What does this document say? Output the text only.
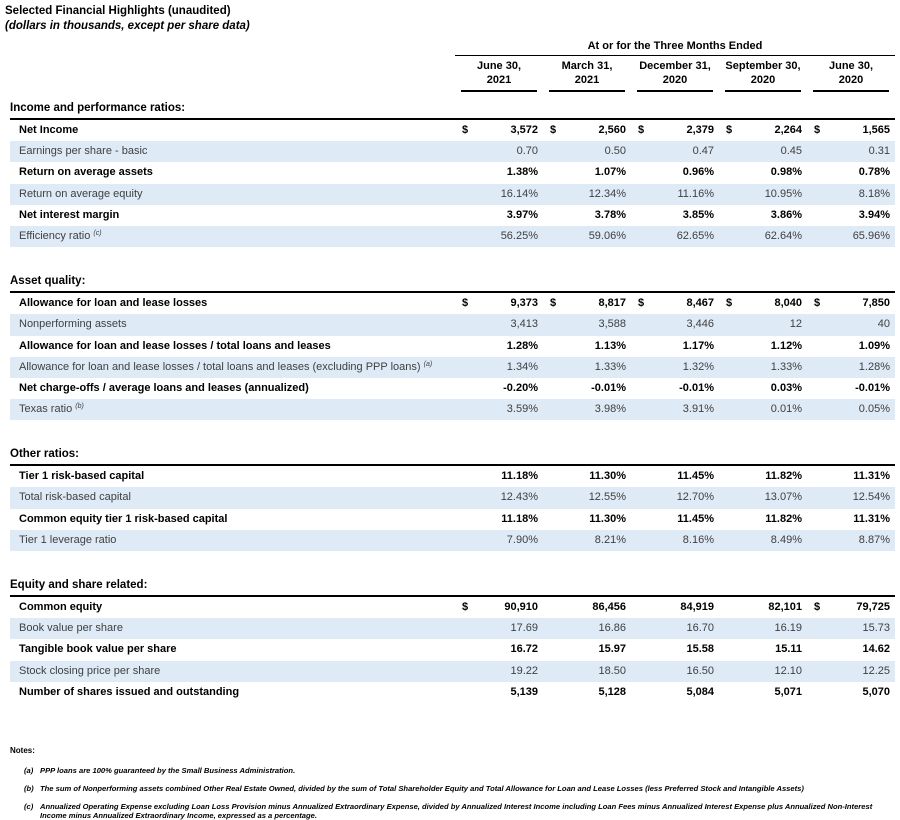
Selected Financial Highlights (unaudited)
(dollars in thousands, except per share data)
At or for the Three Months Ended
June 30,
2021
March 31,
2021
December 31,
2020
September 30,
2020
June 30,
2020
Income and performance ratios:
Net Income	$	3,572 $	2,560 $	2,379 $	2,264 $	1,565
Earnings per share - basic	0.70	0.50	0.47	0.45	0.31
Return on average assets	1.38%	1.07%	0.96%	0.98%	0.78%
Return on average equity	16.14%	12.34%	11.16%	10.95%	8.18%
Net interest margin	3.97%	3.78%	3.85%	3.86%	3.94%
Efficiency ratio $^{(c)}$	56.25%	59.06%	62.65%	62.64%	65.96%
Asset quality:
Allowance for loan and lease losses	$	9,373 $	8,817 $	8,467 $	8,040 $	7,850
Nonperforming assets	3,413	3,588	3,446	12	40
Allowance for loan and lease losses / total loans and leases	1.28%	1.13%	1.17%	1.12%	1.09%
Allowance for loan and lease losses / total loans and leases (excluding PPP loans) $^{(a)}$	1.34%	1.33%	1.32%	1.33%	1.28%
Net charge-offs / average loans and leases (annualized)	-0.20%	-0.01%	-0.01%	0.03%	-0.01%
Texas ratio $^{(b)}$	3.59%	3.98%	3.91%	0.01%	0.05%
Other ratios:
Tier 1 risk-based capital	11.18%	11.30%	11.45%	11.82%	11.31%
Total risk-based capital	12.43%	12.55%	12.70%	13.07%	12.54%
Common equity tier 1 risk-based capital	11.18%	11.30%	11.45%	11.82%	11.31%
Tier 1 leverage ratio	7.90%	8.21%	8.16%	8.49%	8.87%
Equity and share related:
Common equity	$	90,910	86,456	84,919	82,101 $	79,725
Book value per share	17.69	16.86	16.70	16.19	15.73
Tangible book value per share	16.72	15.97	15.58	15.11	14.62
Stock closing price per share	19.22	18.50	16.50	12.10	12.25
Number of shares issued and outstanding	5,139	5,128	5,084	5,071	5,070
Notes:
(a) PPP loans are 100% guaranteed by the Small Business Administration.
(b) The sum of Nonperforming assets combined Other Real Estate Owned, divided by the sum of Total Shareholder Equity and Total Allowance for Loan and Lease Losses (less Preferred Stock and Intangible Assets)
(c) Annualized Operating Expense excluding Loan Loss Provision minus Annualized Extraordinary Expense, divided by Annualized Interest Income including Loan Fees minus Annualized Interest Expense plus Annualized Non-Interest Income minus Annualized Extraordinary Income, expressed as a percentage.
